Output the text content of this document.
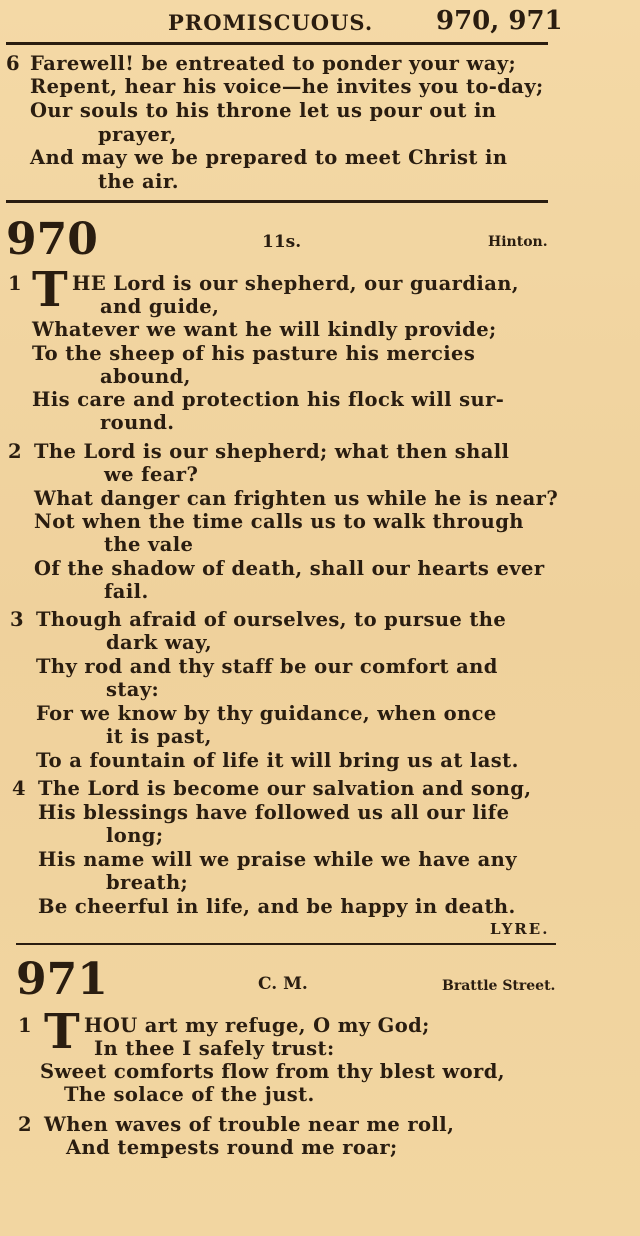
PROMISCUOUS. 970, 971
6 Farewell! be entreated to ponder your way;
Repent, hear his voice—he invites you to-day;
Our souls to his throne let us pour out in
prayer,
And may we be prepared to meet Christ in
the air.
970	11s.	Hinton.
1 T HE Lord is our shepherd, our guardian,
and guide,
Whatever we want he will kindly provide;
To the sheep of his pasture his mercies
abound,
His care and protection his flock will sur-
round.
2 The Lord is our shepherd; what then shall
we fear?
What danger can frighten us while he is near?
Not when the time calls us to walk through
the vale
Of the shadow of death, shall our hearts ever
fail.
3 Though afraid of ourselves, to pursue the
dark way,
Thy rod and thy staff be our comfort and
stay:
For we know by thy guidance, when once
it is past,
To a fountain of life it will bring us at last.
4 The Lord is become our salvation and song,
His blessings have followed us all our life
long;
His name will we praise while we have any
breath;
Be cheerful in life, and be happy in death.
LYRE.
971	C. M.	Brattle Street.
1 T HOU art my refuge, O my God;
In thee I safely trust:
Sweet comforts flow from thy blest word,
The solace of the just.
2 When waves of trouble near me roll,
And tempests round me roar;
